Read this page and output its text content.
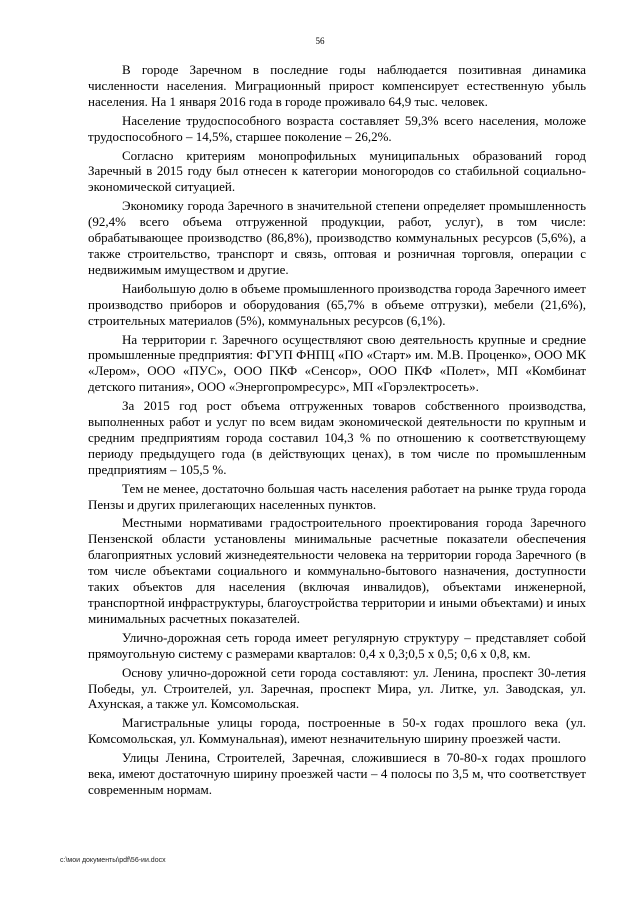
56

В городе Заречном в последние годы наблюдается позитивная динамика численности населения. Миграционный прирост компенсирует естественную убыль населения. На 1 января 2016 года в городе проживало 64,9 тыс. человек.

Население трудоспособного возраста составляет 59,3% всего населения, моложе трудоспособного – 14,5%, старшее поколение – 26,2%.

Согласно критериям монопрофильных муниципальных образований город Заречный в 2015 году был отнесен к категории моногородов со стабильной социально-экономической ситуацией.

Экономику города Заречного в значительной степени определяет промышленность (92,4% всего объема отгруженной продукции, работ, услуг), в том числе: обрабатывающее производство (86,8%), производство коммунальных ресурсов (5,6%), а также строительство, транспорт и связь, оптовая и розничная торговля, операции с недвижимым имуществом и другие.

Наибольшую долю в объеме промышленного производства города Заречного имеет производство приборов и оборудования (65,7% в объеме отгрузки), мебели (21,6%), строительных материалов (5%), коммунальных ресурсов (6,1%).

На территории г. Заречного осуществляют свою деятельность крупные и средние промышленные предприятия: ФГУП ФНПЦ «ПО «Старт» им. М.В. Проценко», ООО МК «Лером», ООО «ПУС», ООО ПКФ «Сенсор», ООО ПКФ «Полет», МП «Комбинат детского питания», ООО «Энергопромресурс», МП «Горэлектросеть».

За 2015 год рост объема отгруженных товаров собственного производства, выполненных работ и услуг по всем видам экономической деятельности по крупным и средним предприятиям города составил 104,3 % по отношению к соответствующему периоду предыдущего года (в действующих ценах), в том числе по промышленным предприятиям – 105,5 %.

Тем не менее, достаточно большая часть населения работает на рынке труда города Пензы и других прилегающих населенных пунктов.

Местными нормативами градостроительного проектирования города Заречного Пензенской области установлены минимальные расчетные показатели обеспечения благоприятных условий жизнедеятельности человека на территории города Заречного (в том числе объектами социального и коммунально-бытового назначения, доступности таких объектов для населения (включая инвалидов), объектами инженерной, транспортной инфраструктуры, благоустройства территории и иными объектами) и иных минимальных расчетных показателей.

Улично-дорожная сеть города имеет регулярную структуру – представляет собой прямоугольную систему с размерами кварталов: 0,4 х 0,3;0,5 х 0,5; 0,6 х 0,8, км.

Основу улично-дорожной сети города составляют: ул. Ленина, проспект 30-летия Победы, ул. Строителей, ул. Заречная, проспект Мира, ул. Литке, ул. Заводская, ул. Ахунская, а также ул. Комсомольская.

Магистральные улицы города, построенные в 50-х годах прошлого века (ул. Комсомольская, ул. Коммунальная), имеют незначительную ширину проезжей части.

Улицы Ленина, Строителей, Заречная, сложившиеся в 70-80-х годах прошлого века, имеют достаточную ширину проезжей части – 4 полосы по 3,5 м, что соответствует современным нормам.

с:\мои документы\pdf\56-ии.docx
